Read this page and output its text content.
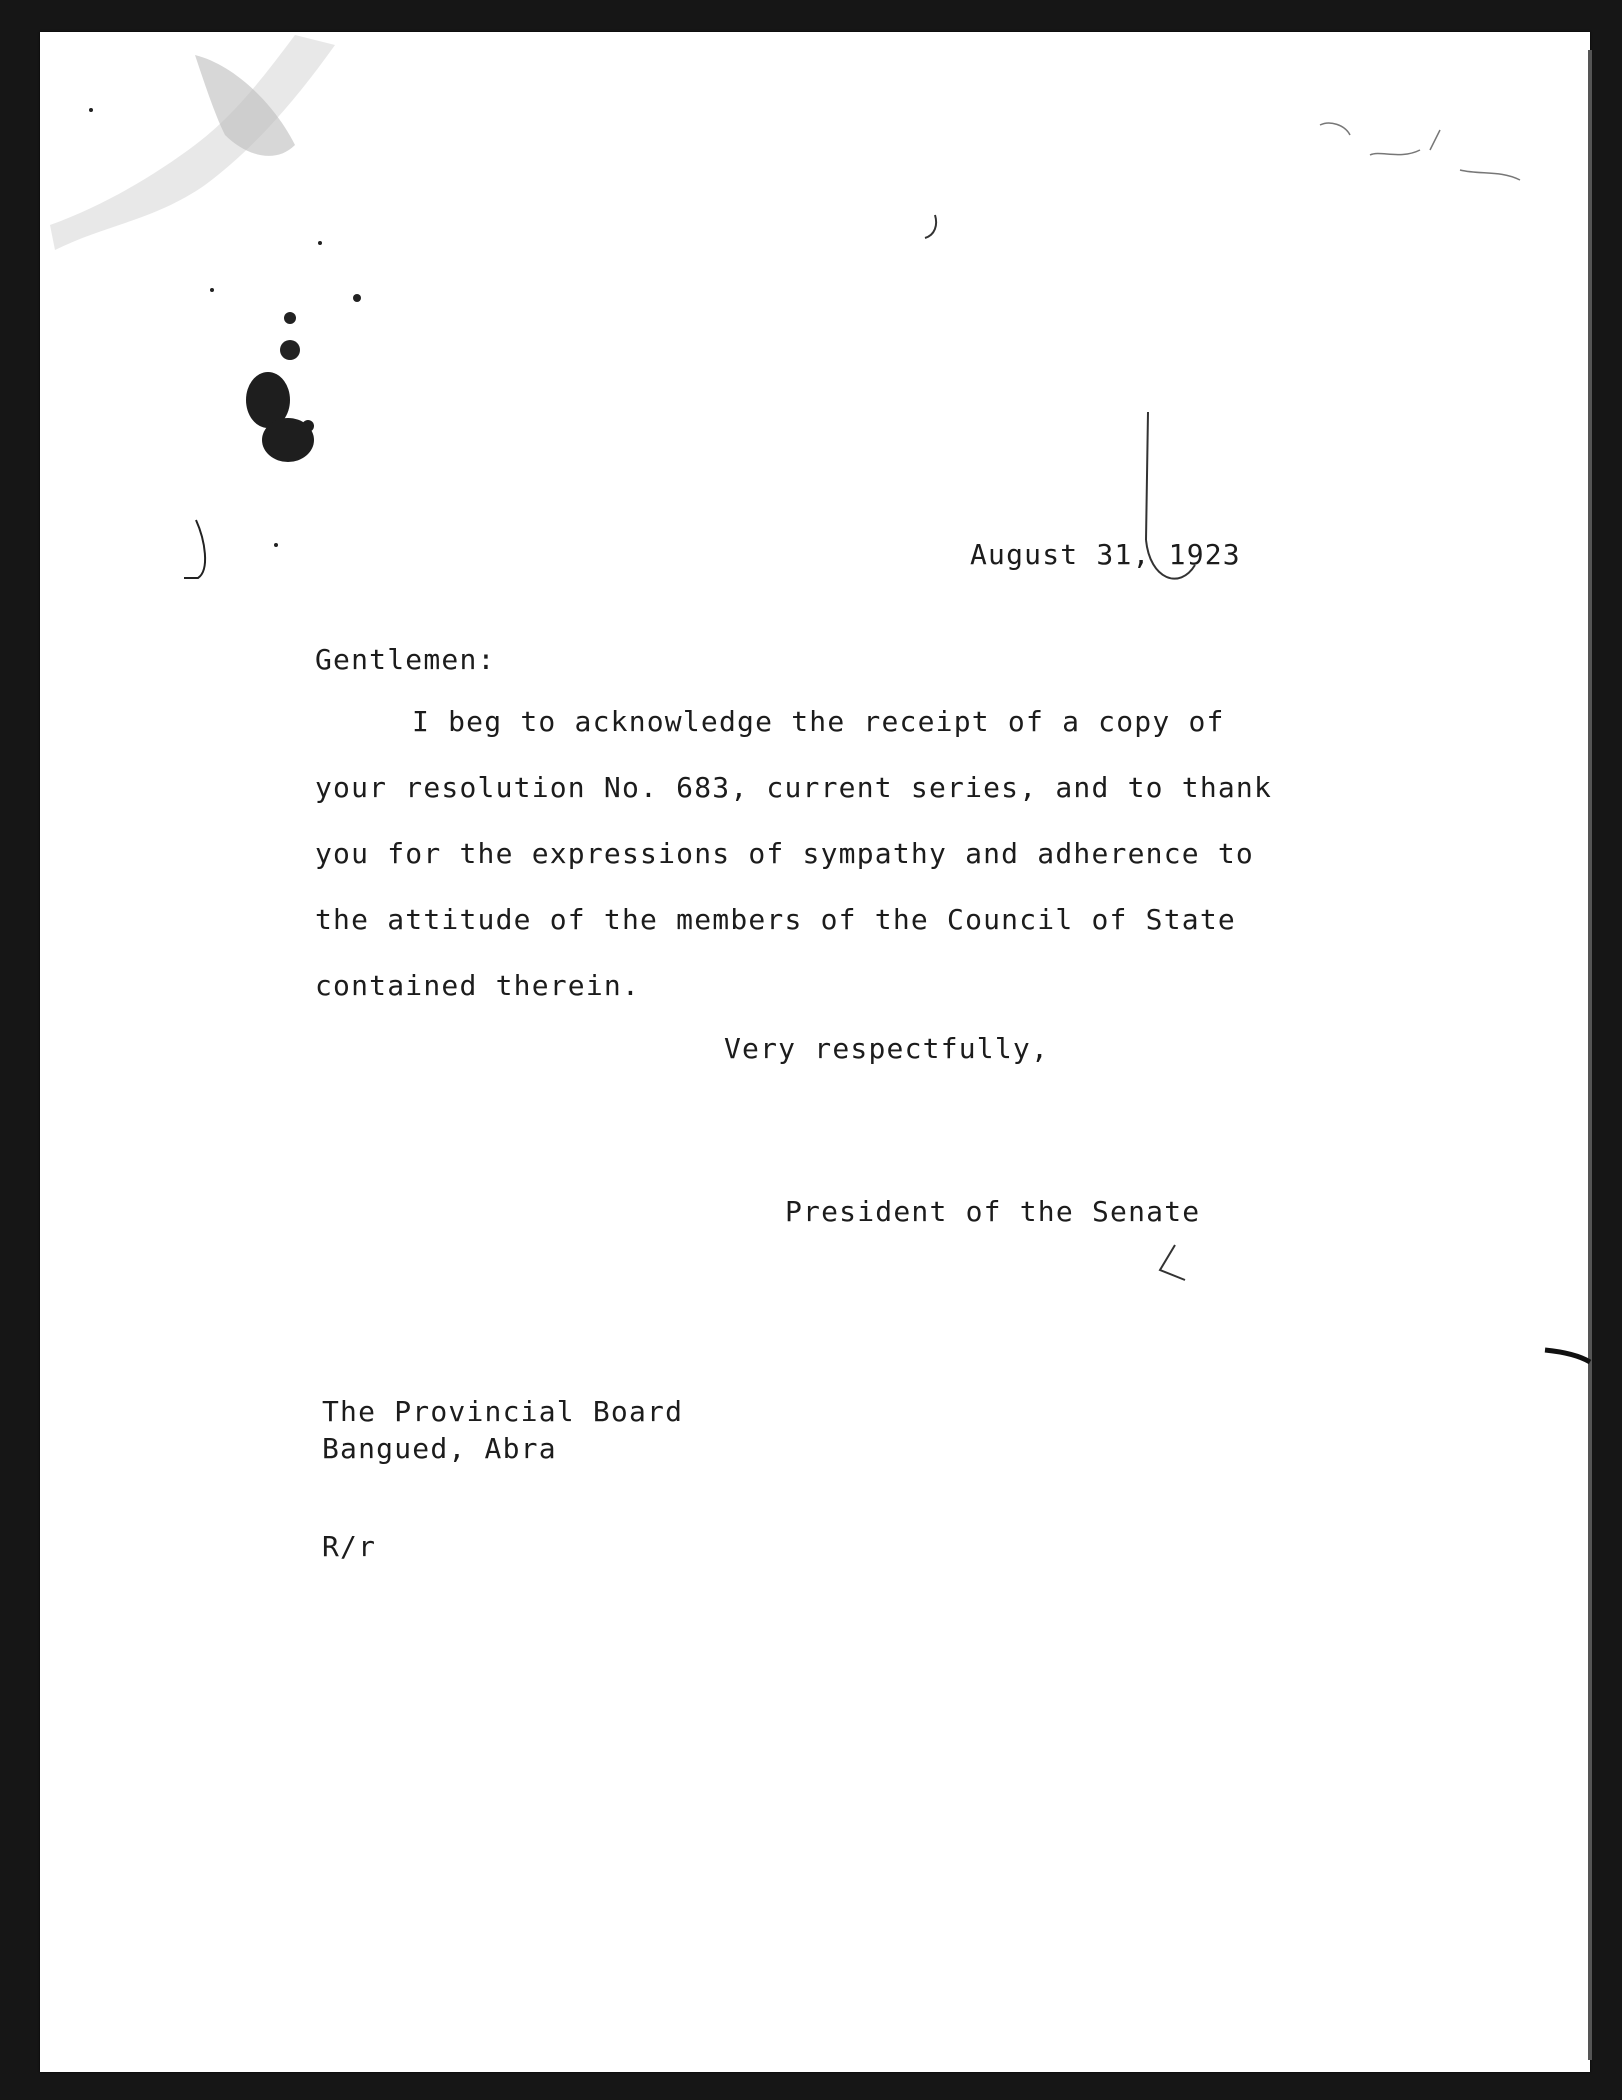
August 31, 1923
Gentlemen:
I beg to acknowledge the receipt of a copy of
your resolution No. 683, current series, and to thank
you for the expressions of sympathy and adherence to
the attitude of the members of the Council of State
contained therein.
Very respectfully,
President of the Senate
The Provincial Board
Bangued, Abra
R/r
